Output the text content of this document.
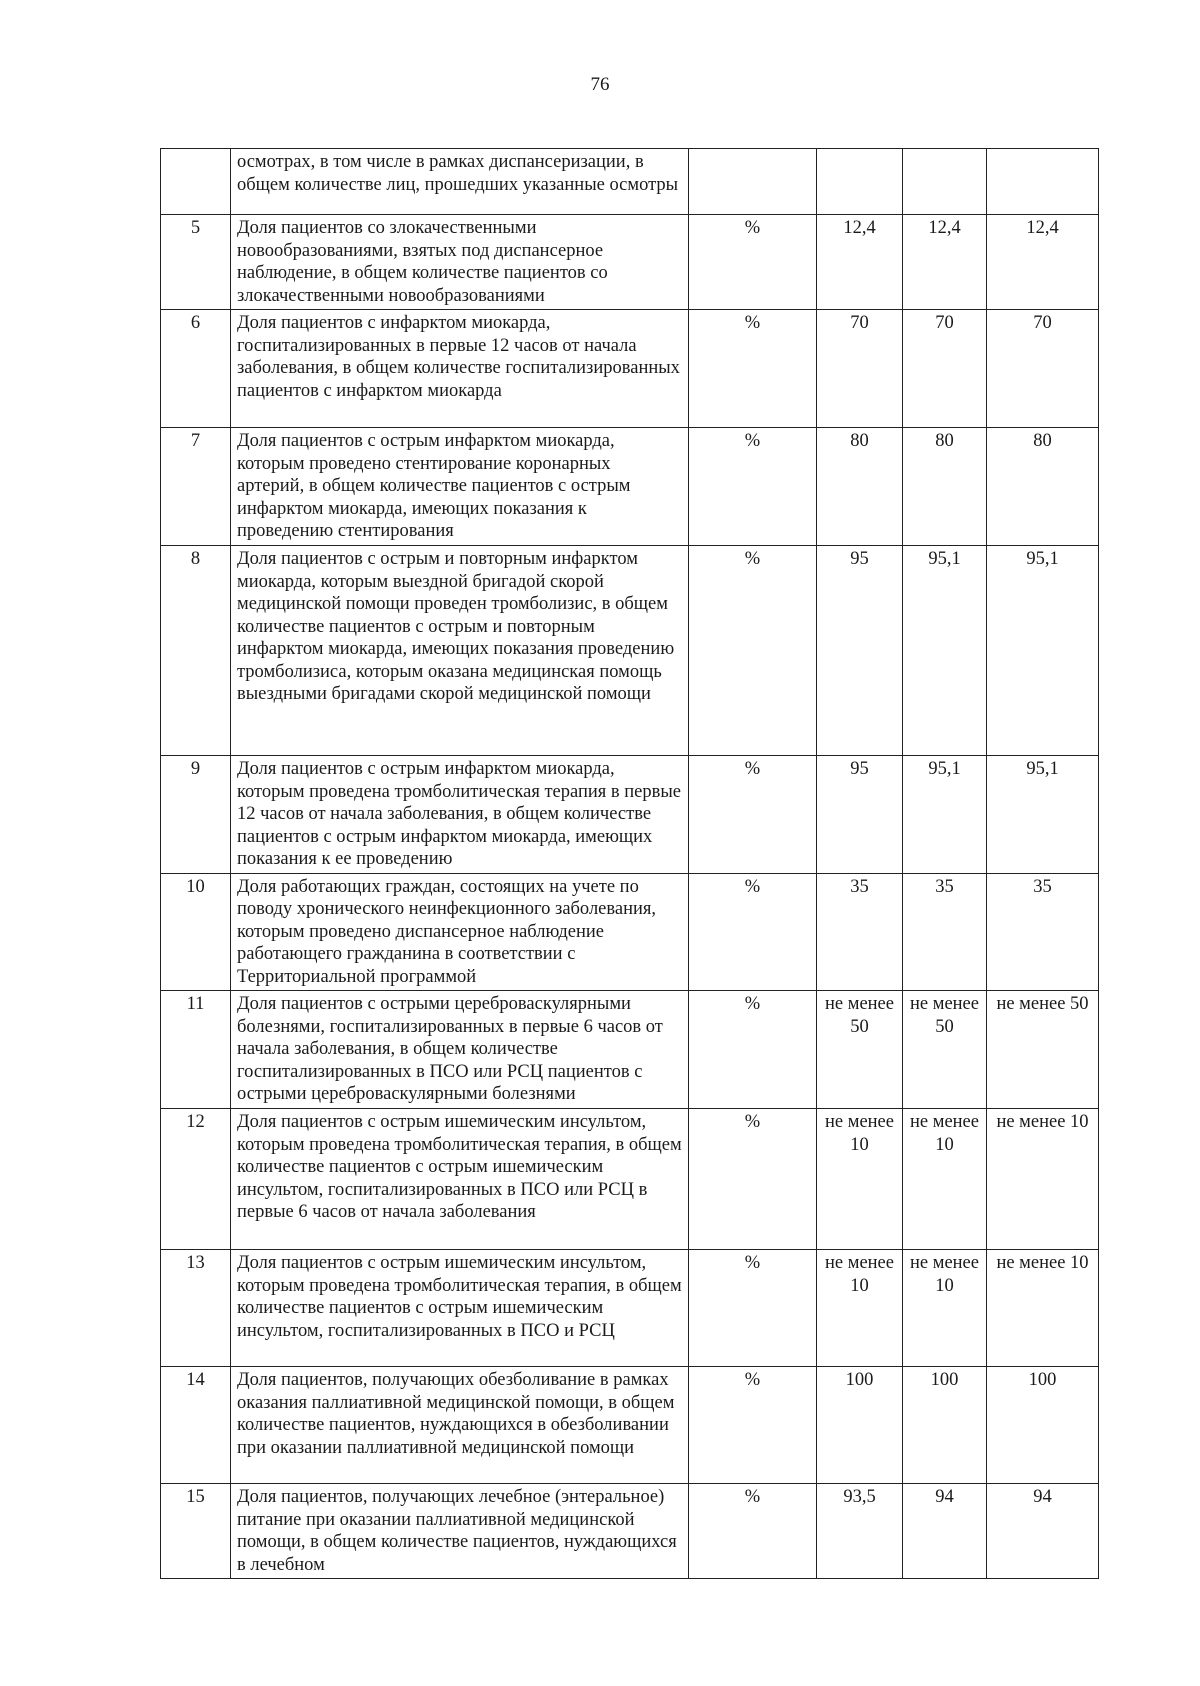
76
	осмотрах, в том числе в рамках диспансеризации, в общем количестве лиц, прошедших указанные осмотры				
5	Доля пациентов со злокачественными новообразованиями, взятых под диспансерное наблюдение, в общем количестве пациентов со злокачественными новообразованиями	%	12,4	12,4	12,4
6	Доля пациентов с инфарктом миокарда, госпитализированных в первые 12 часов от начала заболевания, в общем количестве госпитализированных пациентов с инфарктом миокарда	%	70	70	70
7	Доля пациентов с острым инфарктом миокарда, которым проведено стентирование коронарных артерий, в общем количестве пациентов с острым инфарктом миокарда, имеющих показания к проведению стентирования	%	80	80	80
8	Доля пациентов с острым и повторным инфарктом миокарда, которым выездной бригадой скорой медицинской помощи проведен тромболизис, в общем количестве пациентов с острым и повторным инфарктом миокарда, имеющих показания проведению тромболизиса, которым оказана медицинская помощь выездными бригадами скорой медицинской помощи	%	95	95,1	95,1
9	Доля пациентов с острым инфарктом миокарда, которым проведена тромболитическая терапия в первые 12 часов от начала заболевания, в общем количестве пациентов с острым инфарктом миокарда, имеющих показания к ее проведению	%	95	95,1	95,1
10	Доля работающих граждан, состоящих на учете по поводу хронического неинфекционного заболевания, которым проведено диспансерное наблюдение работающего гражданина в соответствии с Территориальной программой	%	35	35	35
11	Доля пациентов с острыми цереброваскулярными болезнями, госпитализированных в первые 6 часов от начала заболевания, в общем количестве госпитализированных в ПСО или РСЦ пациентов с острыми цереброваскулярными болезнями	%	не менее 50	не менее 50	не менее 50
12	Доля пациентов с острым ишемическим инсультом, которым проведена тромболитическая терапия, в общем количестве пациентов с острым ишемическим инсультом, госпитализированных в ПСО или РСЦ в первые 6 часов от начала заболевания	%	не менее 10	не менее 10	не менее 10
13	Доля пациентов с острым ишемическим инсультом, которым проведена тромболитическая терапия, в общем количестве пациентов с острым ишемическим инсультом, госпитализированных в ПСО и РСЦ	%	не менее 10	не менее 10	не менее 10
14	Доля пациентов, получающих обезболивание в рамках оказания паллиативной медицинской помощи, в общем количестве пациентов, нуждающихся в обезболивании при оказании паллиативной медицинской помощи	%	100	100	100
15	Доля пациентов, получающих лечебное (энтеральное) питание при оказании паллиативной медицинской помощи, в общем количестве пациентов, нуждающихся в лечебном	%	93,5	94	94
